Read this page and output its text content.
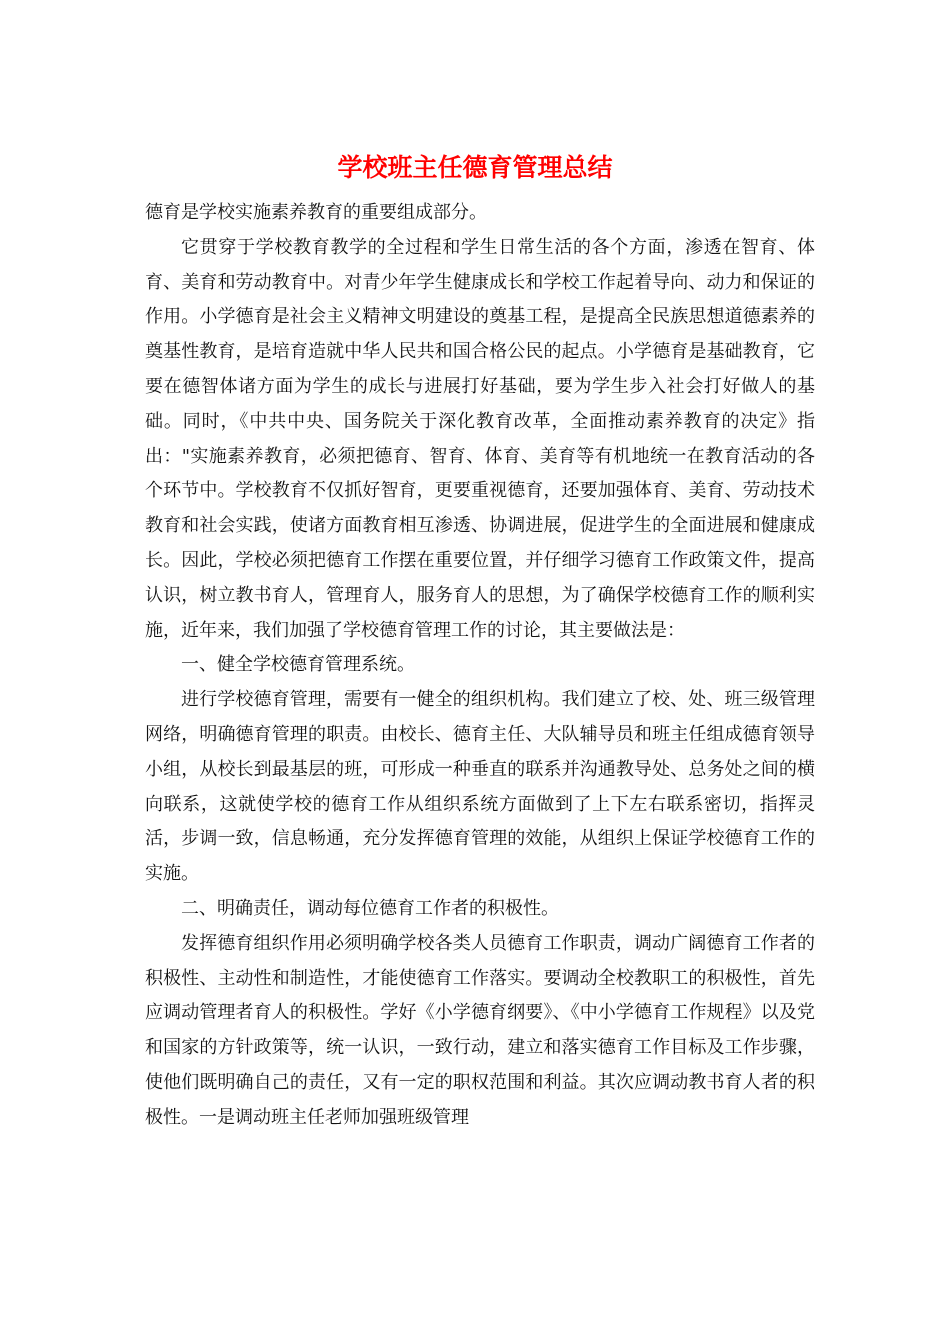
学校班主任德育管理总结

德育是学校实施素养教育的重要组成部分。

它贯穿于学校教育教学的全过程和学生日常生活的各个方面，渗透在智育、体育、美育和劳动教育中。对青少年学生健康成长和学校工作起着导向、动力和保证的作用。小学德育是社会主义精神文明建设的奠基工程，是提高全民族思想道德素养的奠基性教育，是培育造就中华人民共和国合格公民的起点。小学德育是基础教育，它要在德智体诸方面为学生的成长与进展打好基础，要为学生步入社会打好做人的基础。同时，《中共中央、国务院关于深化教育改革，全面推动素养教育的决定》指出："实施素养教育，必须把德育、智育、体育、美育等有机地统一在教育活动的各个环节中。学校教育不仅抓好智育，更要重视德育，还要加强体育、美育、劳动技术教育和社会实践，使诸方面教育相互渗透、协调进展，促进学生的全面进展和健康成长。因此，学校必须把德育工作摆在重要位置，并仔细学习德育工作政策文件，提高认识，树立教书育人，管理育人，服务育人的思想，为了确保学校德育工作的顺利实施，近年来，我们加强了学校德育管理工作的讨论，其主要做法是：

一、健全学校德育管理系统。

进行学校德育管理，需要有一健全的组织机构。我们建立了校、处、班三级管理网络，明确德育管理的职责。由校长、德育主任、大队辅导员和班主任组成德育领导小组，从校长到最基层的班，可形成一种垂直的联系并沟通教导处、总务处之间的横向联系，这就使学校的德育工作从组织系统方面做到了上下左右联系密切，指挥灵活，步调一致，信息畅通，充分发挥德育管理的效能，从组织上保证学校德育工作的实施。

二、明确责任，调动每位德育工作者的积极性。

发挥德育组织作用必须明确学校各类人员德育工作职责，调动广阔德育工作者的积极性、主动性和制造性，才能使德育工作落实。要调动全校教职工的积极性，首先应调动管理者育人的积极性。学好《小学德育纲要》、《中小学德育工作规程》以及党和国家的方针政策等，统一认识，一致行动，建立和落实德育工作目标及工作步骤，使他们既明确自己的责任，又有一定的职权范围和利益。其次应调动教书育人者的积极性。一是调动班主任老师加强班级管理
